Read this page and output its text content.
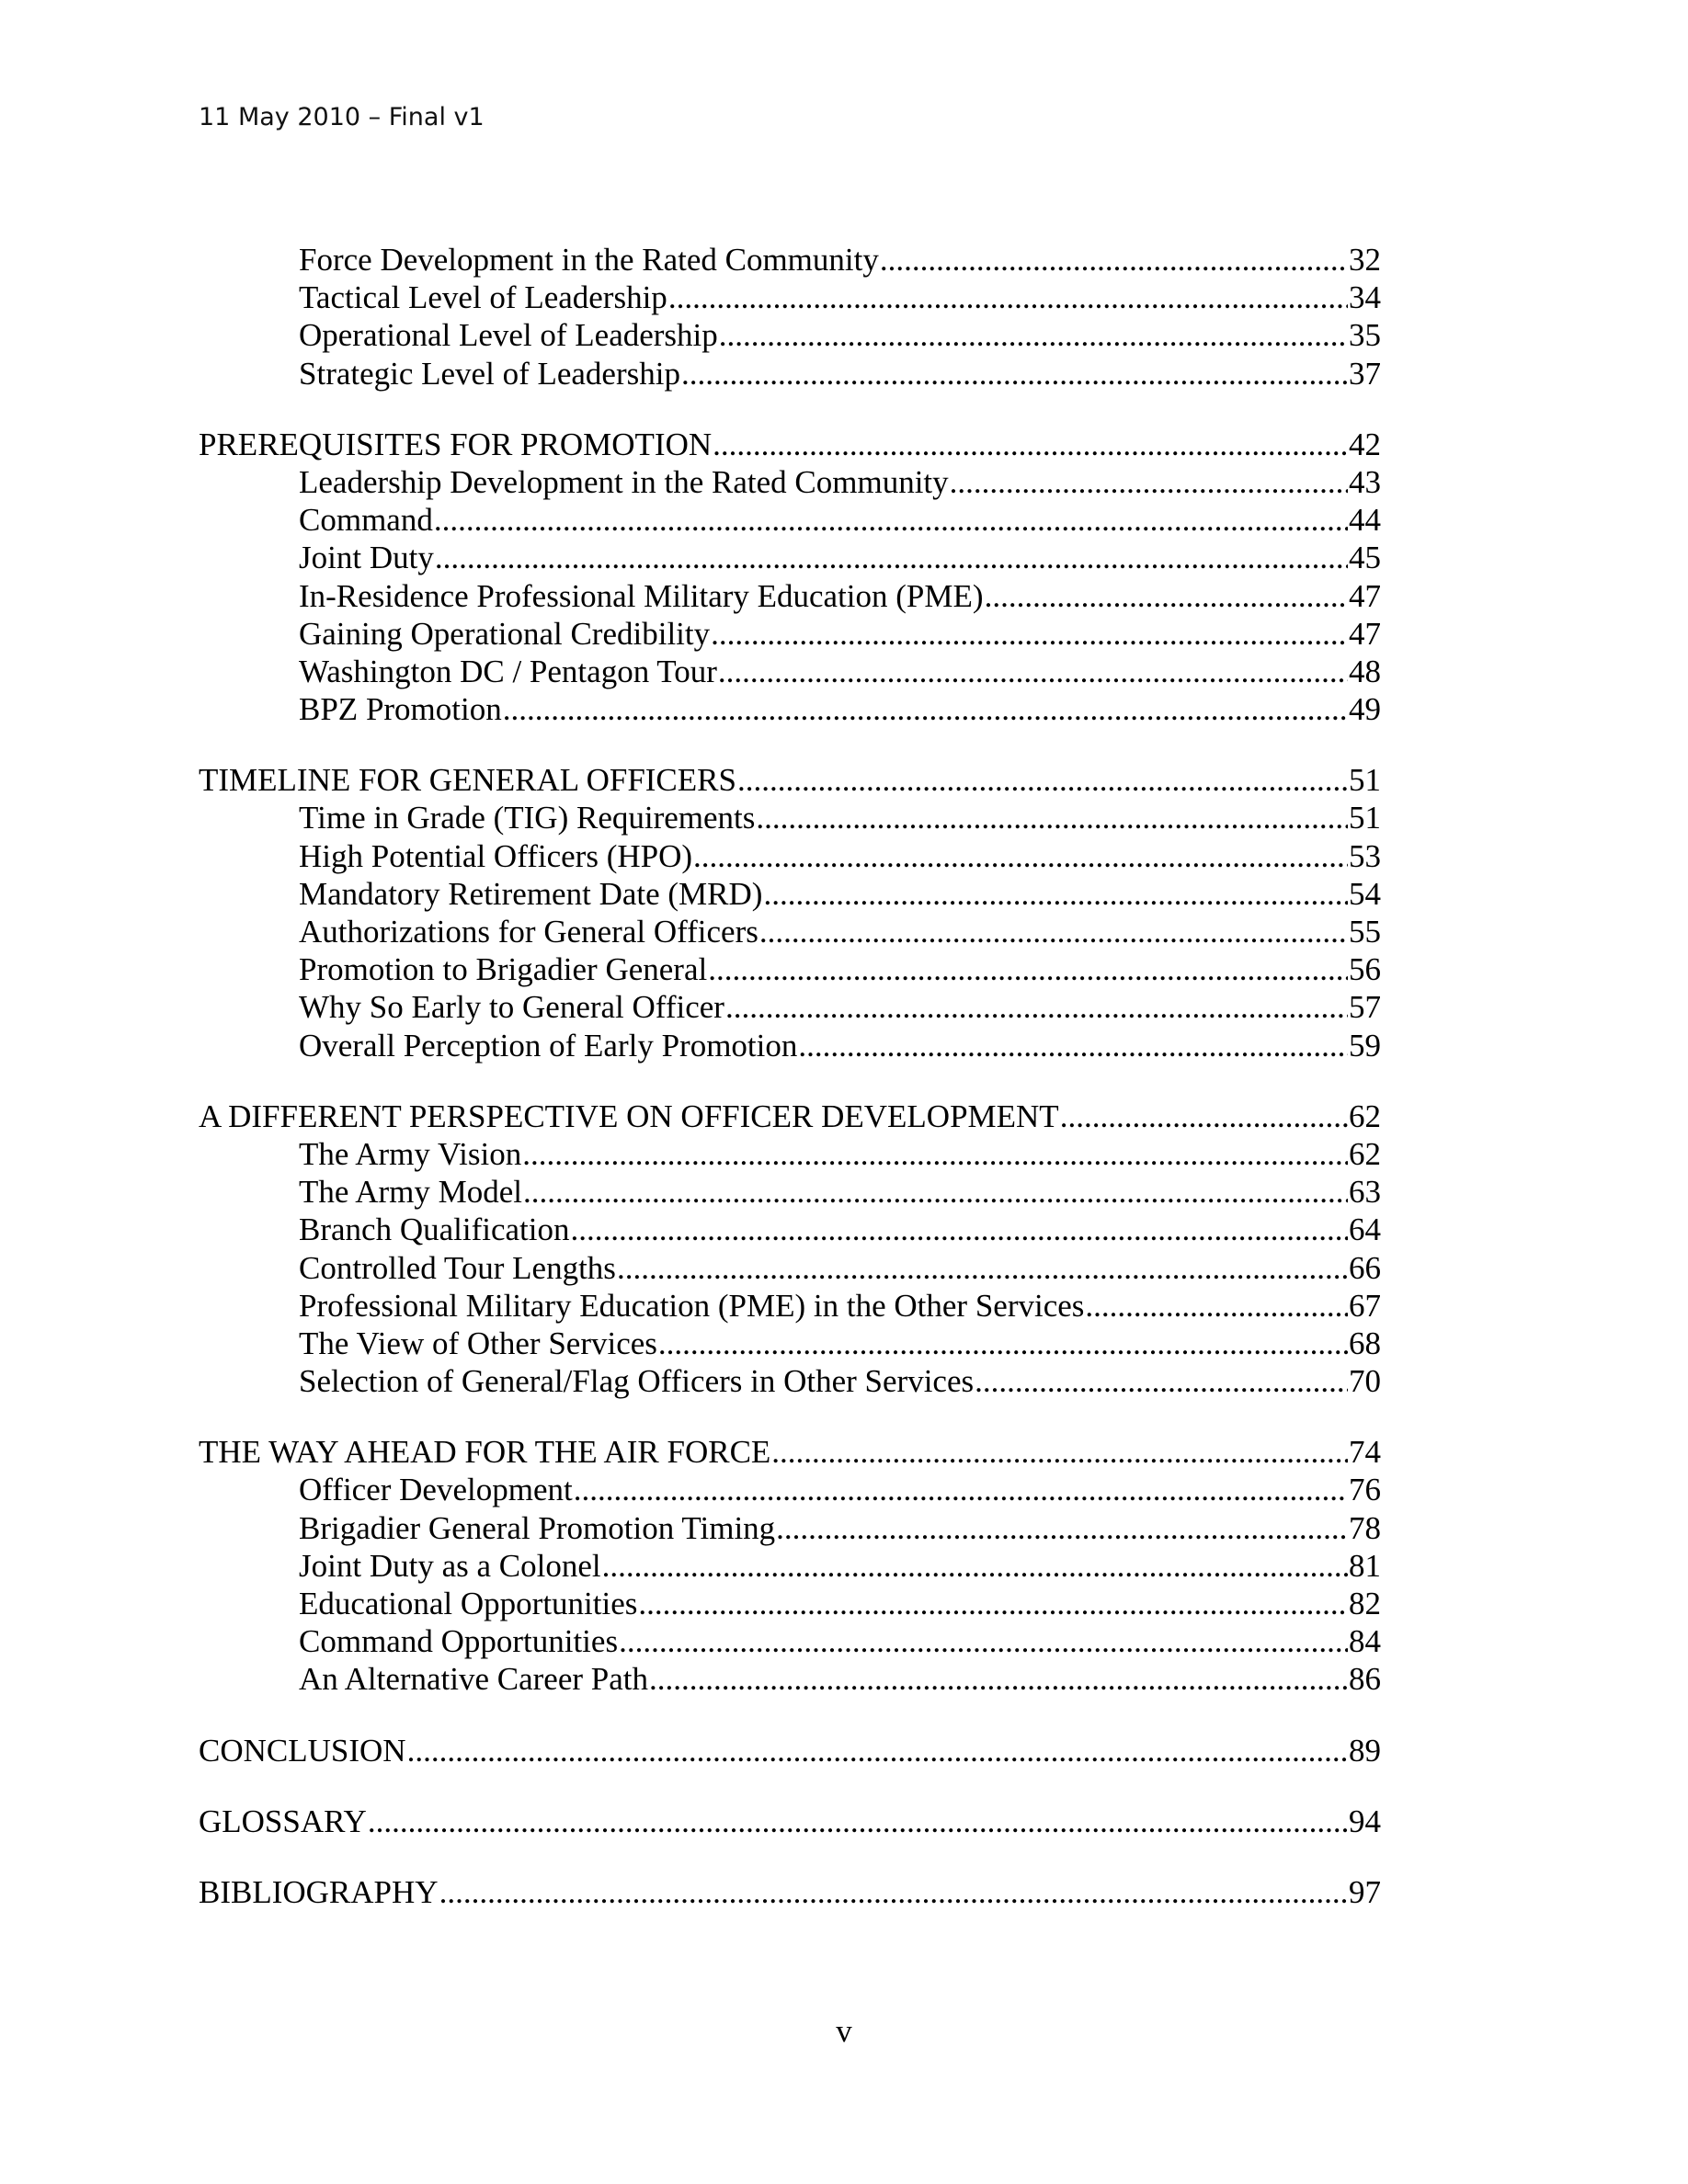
11 May 2010 – Final v1
Force Development in the Rated Community .....	32
Tactical Level of Leadership .....	34
Operational Level of Leadership .....	35
Strategic Level of Leadership .....	37
PREREQUISITES FOR PROMOTION .....	42
Leadership Development in the Rated Community .....	43
Command .....	44
Joint Duty .....	45
In-Residence Professional Military Education (PME) .....	47
Gaining Operational Credibility .....	47
Washington DC / Pentagon Tour .....	48
BPZ Promotion .....	49
TIMELINE FOR GENERAL OFFICERS .....	51
Time in Grade (TIG) Requirements .....	51
High Potential Officers (HPO) .....	53
Mandatory Retirement Date (MRD) .....	54
Authorizations for General Officers .....	55
Promotion to Brigadier General .....	56
Why So Early to General Officer .....	57
Overall Perception of Early Promotion .....	59
A DIFFERENT PERSPECTIVE ON OFFICER DEVELOPMENT .....	62
The Army Vision .....	62
The Army Model .....	63
Branch Qualification .....	64
Controlled Tour Lengths .....	66
Professional Military Education (PME) in the Other Services .....	67
The View of Other Services .....	68
Selection of General/Flag Officers in Other Services .....	70
THE WAY AHEAD FOR THE AIR FORCE .....	74
Officer Development .....	76
Brigadier General Promotion Timing .....	78
Joint Duty as a Colonel .....	81
Educational Opportunities .....	82
Command Opportunities .....	84
An Alternative Career Path .....	86
CONCLUSION .....	89
GLOSSARY .....	94
BIBLIOGRAPHY .....	97
v
